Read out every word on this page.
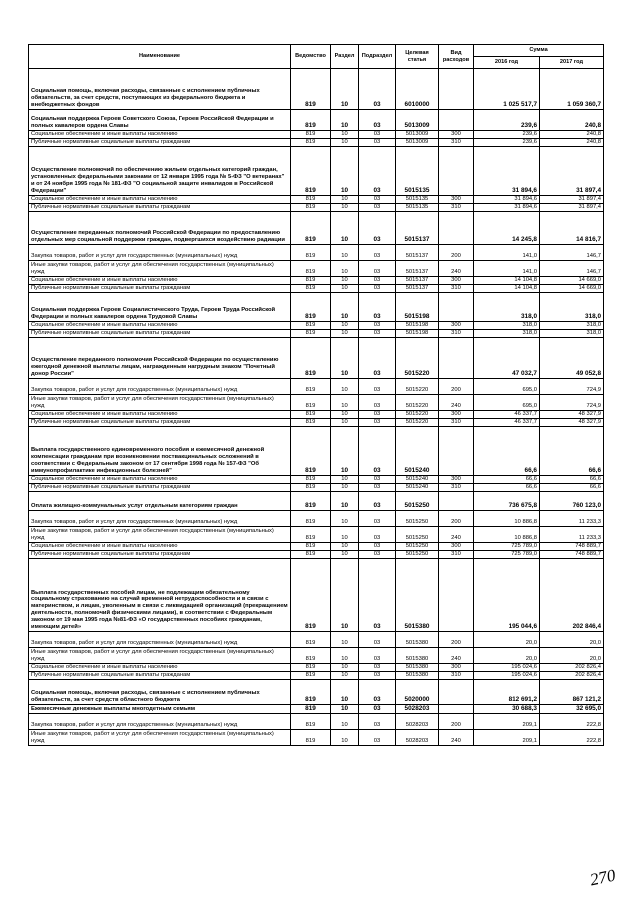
Наименование	Ведомство	Раздел	Подраздел	Целевая статья	Вид расходов	Сумма	
						2016 год	2017 год
Социальная помощь, включая расходы, связанные с исполнением публичных обязательств, за счет средств, поступающих из федерального бюджета и внебюджетных фондов	819	10	03	6010000		1 025 517,7	1 059 360,7
Социальная поддержка Героев Советского Союза, Героев Российской Федерации и полных кавалеров ордена Славы	819	10	03	5013009		239,6	240,8
Социальное обеспечение и иные выплаты населению	819	10	03	5013009	300	239,6	240,8
Публичные нормативные социальные выплаты гражданам	819	10	03	5013009	310	239,6	240,8
Осуществление полномочий по обеспечению жильем отдельных категорий граждан, установленных федеральными законами от 12 января 1995 года № 5-ФЗ "О ветеранах" и от 24 ноября 1995 года № 181-ФЗ "О социальной защите инвалидов в Российской Федерации"	819	10	03	5015135		31 894,6	31 897,4
Социальное обеспечение и иные выплаты населению	819	10	03	5015135	300	31 894,6	31 897,4
Публичные нормативные социальные выплаты гражданам	819	10	03	5015135	310	31 894,6	31 897,4
Осуществление переданных полномочий Российской Федерации по предоставлению отдельных мер социальной поддержки граждан, подвергшихся воздействию радиации	819	10	03	5015137		14 245,8	14 816,7
Закупка товаров, работ и услуг для государственных (муниципальных) нужд	819	10	03	5015137	200	141,0	146,7
Иные закупки товаров, работ и услуг для обеспечения государственных (муниципальных) нужд	819	10	03	5015137	240	141,0	146,7
Социальное обеспечение и иные выплаты населению	819	10	03	5015137	300	14 104,8	14 669,0
Публичные нормативные социальные выплаты гражданам	819	10	03	5015137	310	14 104,8	14 669,0
Социальная поддержка Героев Социалистического Труда, Героев Труда Российской Федерации и полных кавалеров ордена Трудовой Славы	819	10	03	5015198		318,0	318,0
Социальное обеспечение и иные выплаты населению	819	10	03	5015198	300	318,0	318,0
Публичные нормативные социальные выплаты гражданам	819	10	03	5015198	310	318,0	318,0
Осуществление переданного полномочия Российской Федерации по осуществлению ежегодной денежной выплаты лицам, награжденным нагрудным знаком "Почетный донор России"	819	10	03	5015220		47 032,7	49 052,8
Закупка товаров, работ и услуг для государственных (муниципальных) нужд	819	10	03	5015220	200	695,0	724,9
Иные закупки товаров, работ и услуг для обеспечения государственных (муниципальных) нужд	819	10	03	5015220	240	695,0	724,9
Социальное обеспечение и иные выплаты населению	819	10	03	5015220	300	46 337,7	48 327,9
Публичные нормативные социальные выплаты гражданам	819	10	03	5015220	310	46 337,7	48 327,9
Выплата государственного единовременного пособия и ежемесячной денежной компенсации гражданам при возникновении поствакцинальных осложнений в соответствии с Федеральным законом от 17 сентября 1998 года № 157-ФЗ "Об иммунопрофилактике инфекционных болезней"	819	10	03	5015240		66,6	66,6
Социальное обеспечение и иные выплаты населению	819	10	03	5015240	300	66,6	66,6
Публичные нормативные социальные выплаты гражданам	819	10	03	5015240	310	66,6	66,6
Оплата жилищно-коммунальных услуг отдельным категориям граждан	819	10	03	5015250		736 675,8	760 123,0
Закупка товаров, работ и услуг для государственных (муниципальных) нужд	819	10	03	5015250	200	10 886,8	11 233,3
Иные закупки товаров, работ и услуг для обеспечения государственных (муниципальных) нужд	819	10	03	5015250	240	10 886,8	11 233,3
Социальное обеспечение и иные выплаты населению	819	10	03	5015250	300	725 789,0	748 889,7
Публичные нормативные социальные выплаты гражданам	819	10	03	5015250	310	725 789,0	748 889,7
Выплата государственных пособий лицам, не подлежащим обязательному социальному страхованию на случай временной нетрудоспособности и в связи с материнством, и лицам, уволенным в связи с ликвидацией организаций (прекращением деятельности, полномочий физическими лицами), в соответствии с Федеральным законом от 19 мая 1995 года №81-ФЗ «О государственных пособиях гражданам, имеющим детей»	819	10	03	5015380		195 044,6	202 846,4
Закупка товаров, работ и услуг для государственных (муниципальных) нужд	819	10	03	5015380	200	20,0	20,0
Иные закупки товаров, работ и услуг для обеспечения государственных (муниципальных) нужд	819	10	03	5015380	240	20,0	20,0
Социальное обеспечение и иные выплаты населению	819	10	03	5015380	300	195 024,6	202 826,4
Публичные нормативные социальные выплаты гражданам	819	10	03	5015380	310	195 024,6	202 826,4
Социальная помощь, включая расходы, связанные с исполнением публичных обязательств, за счет средств областного бюджета	819	10	03	5020000		812 691,2	867 121,2
Ежемесячные денежные выплаты многодетным семьям	819	10	03	5028203		30 688,3	32 695,0
Закупка товаров, работ и услуг для государственных (муниципальных) нужд	819	10	03	5028203	200	209,1	222,8
Иные закупки товаров, работ и услуг для обеспечения государственных (муниципальных) нужд	819	10	03	5028203	240	209,1	222,8
270
